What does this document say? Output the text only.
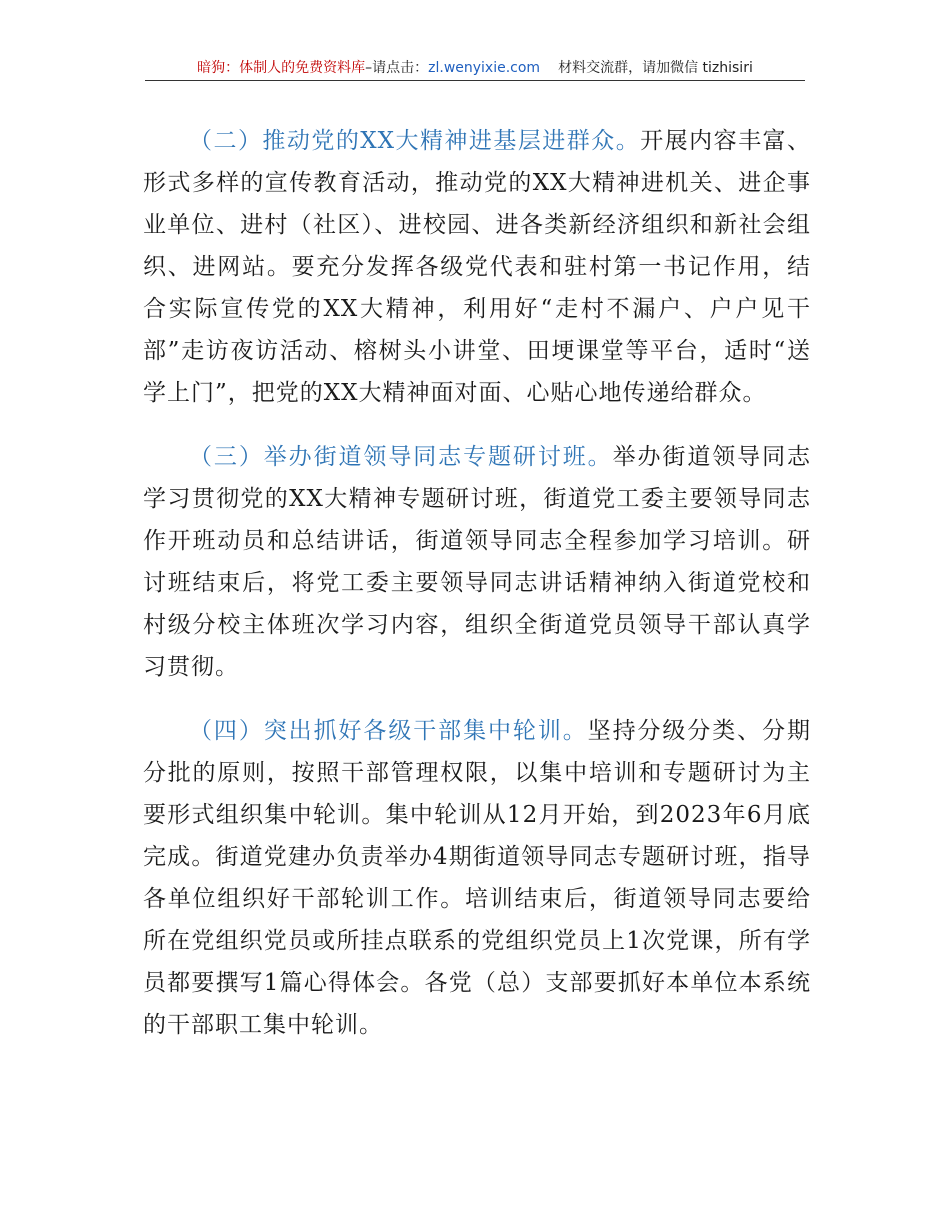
暗狗：体制人的免费资料库–请点击：zl.wenyixie.com 材料交流群，请加微信 tizhisiri

（二）推动党的XX大精神进基层进群众。开展内容丰富、形式多样的宣传教育活动，推动党的XX大精神进机关、进企事业单位、进村（社区）、进校园、进各类新经济组织和新社会组织、进网站。要充分发挥各级党代表和驻村第一书记作用，结合实际宣传党的XX大精神，利用好“走村不漏户、户户见干部”走访夜访活动、榕树头小讲堂、田埂课堂等平台，适时“送学上门”，把党的XX大精神面对面、心贴心地传递给群众。

（三）举办街道领导同志专题研讨班。举办街道领导同志学习贯彻党的XX大精神专题研讨班，街道党工委主要领导同志作开班动员和总结讲话，街道领导同志全程参加学习培训。研讨班结束后，将党工委主要领导同志讲话精神纳入街道党校和村级分校主体班次学习内容，组织全街道党员领导干部认真学习贯彻。

（四）突出抓好各级干部集中轮训。坚持分级分类、分期分批的原则，按照干部管理权限，以集中培训和专题研讨为主要形式组织集中轮训。集中轮训从12月开始，到2023年6月底完成。街道党建办负责举办4期街道领导同志专题研讨班，指导各单位组织好干部轮训工作。培训结束后，街道领导同志要给所在党组织党员或所挂点联系的党组织党员上1次党课，所有学员都要撰写1篇心得体会。各党（总）支部要抓好本单位本系统的干部职工集中轮训。
